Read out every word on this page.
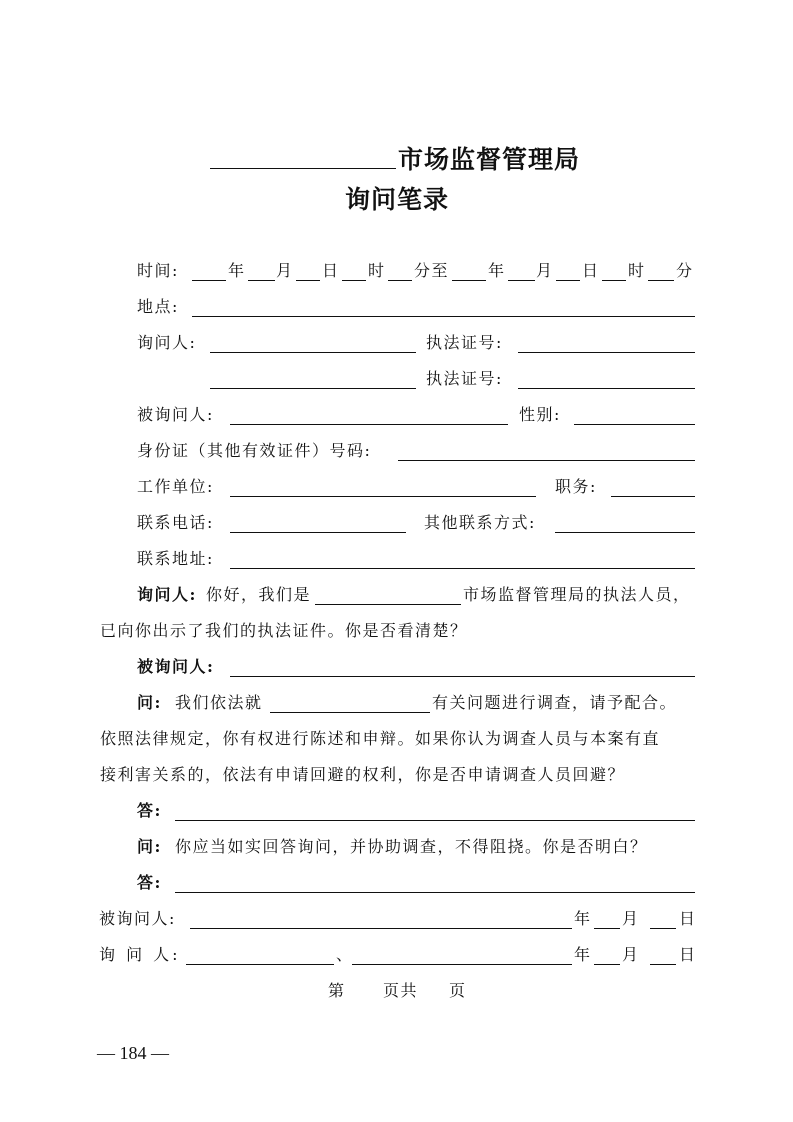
市场监督管理局
询问笔录
时间:	年 月 日 时 分至 年 月 日 时 分
地点:
询问人:	执法证号:
执法证号:
被询问人:	性别:
身份证（其他有效证件）号码:
工作单位:	职务:
联系电话:	其他联系方式:
联系地址:
询问人: 你好，我们是	市场监督管理局的执法人员，
已向你出示了我们的执法证件。你是否看清楚？
被询问人:
问: 我们依法就	有关问题进行调查，请予配合。
依照法律规定，你有权进行陈述和申辩。如果你认为调查人员与本案有直
接利害关系的，依法有申请回避的权利，你是否申请调查人员回避？
答:
问: 你应当如实回答询问，并协助调查，不得阻挠。你是否明白？
答:
被询问人:	年 月 日
询 问 人:	、	年 月 日
第 页共 页
— 184 —
